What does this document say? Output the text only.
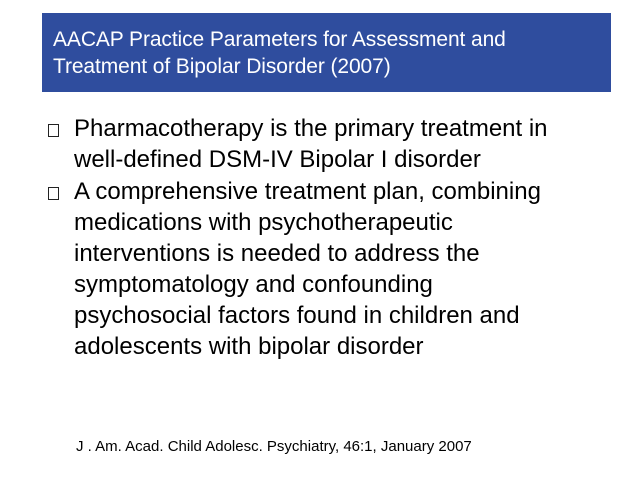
AACAP Practice Parameters for Assessment and
Treatment of Bipolar Disorder (2007)
Pharmacotherapy is the primary treatment in
well-defined DSM-IV Bipolar I disorder
A comprehensive treatment plan, combining
medications with psychotherapeutic
interventions is needed to address the
symptomatology and confounding
psychosocial factors found in children and
adolescents with bipolar disorder
J . Am. Acad. Child Adolesc. Psychiatry, 46:1, January 2007
